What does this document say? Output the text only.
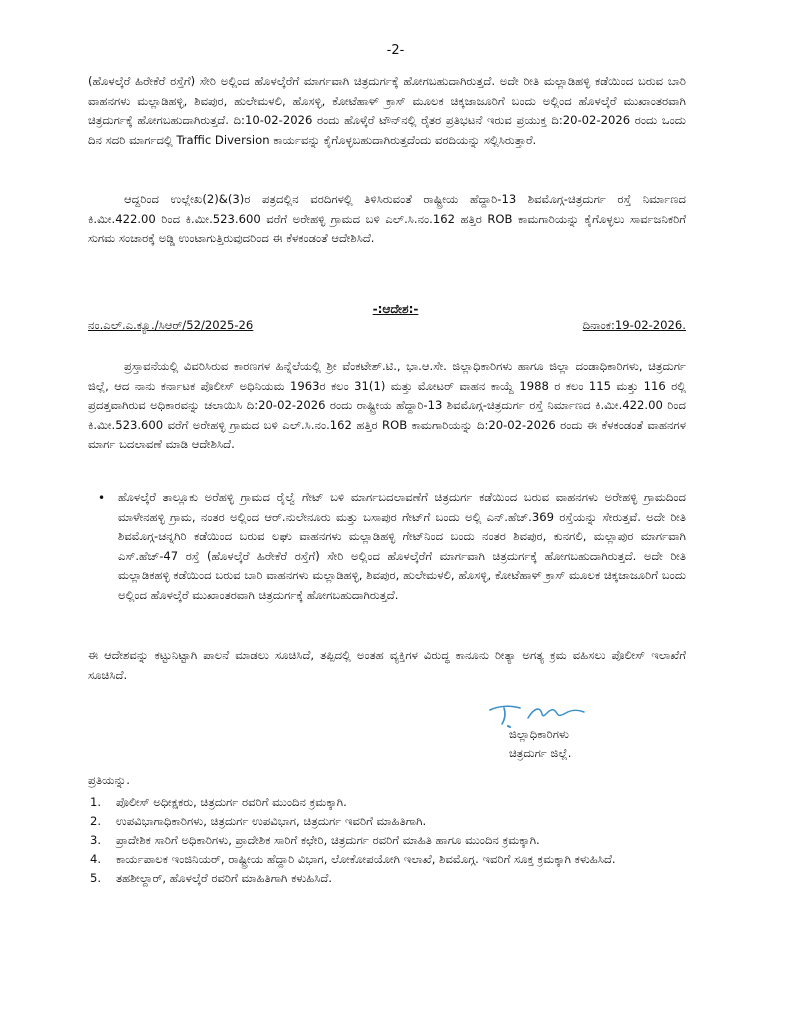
-2-

(ಹೊಳಲ್ಕೆರೆ ಹಿರೇಕೆರೆ ರಸ್ತೆಗೆ) ಸೇರಿ ಅಲ್ಲಿಂದ ಹೊಳಲ್ಕೆರೆಗೆ ಮಾರ್ಗವಾಗಿ ಚಿತ್ರದುರ್ಗಕ್ಕೆ ಹೋಗಬಹುದಾಗಿರುತ್ತದೆ. ಅದೇ ರೀತಿ ಮಲ್ಲಾಡಿಹಳ್ಳಿ ಕಡೆಯಿಂದ ಬರುವ ಬಾರಿ ವಾಹನಗಳು ಮಲ್ಲಾಡಿಹಳ್ಳಿ, ಶಿವಪುರ, ಹುಲೇಮಳಲಿ, ಹೊಸಳ್ಳಿ, ಕೋಟೆಹಾಳ್ ಕ್ರಾಸ್ ಮೂಲಕ ಚಿಕ್ಕಜಾಜೂರಿಗೆ ಬಂದು ಅಲ್ಲಿಂದ ಹೊಳಲ್ಕೆರೆ ಮುಖಾಂತರವಾಗಿ ಚಿತ್ರದುರ್ಗಕ್ಕೆ ಹೋಗಬಹುದಾಗಿರುತ್ತದೆ. ದಿ:10-02-2026 ರಂದು ಹೊಳ್ಕೆರೆ ಟೌನ್‌ನಲ್ಲಿ ರೈತರ ಪ್ರತಿಭಟನೆ ಇರುವ ಪ್ರಯುಕ್ತ ದಿ:20-02-2026 ರಂದು ಒಂದು ದಿನ ಸದರಿ ಮಾರ್ಗದಲ್ಲಿ Traffic Diversion ಕಾರ್ಯವನ್ನು ಕೈಗೊಳ್ಳಬಹುದಾಗಿರುತ್ತದೆಂದು ವರದಿಯನ್ನು ಸಲ್ಲಿಸಿರುತ್ತಾರೆ.

ಆದ್ದರಿಂದ ಉಲ್ಲೇಖ(2)&(3)ರ ಪತ್ರದಲ್ಲಿನ ವರದಿಗಳಲ್ಲಿ ತಿಳಿಸಿರುವಂತೆ ರಾಷ್ಟ್ರೀಯ ಹೆದ್ದಾರಿ-13 ಶಿವಮೊಗ್ಗ-ಚಿತ್ರದುರ್ಗ ರಸ್ತೆ ನಿರ್ಮಾಣದ ಕಿ.ಮೀ.422.00 ರಿಂದ ಕಿ.ಮೀ.523.600 ವರೆಗೆ ಅರೇಹಳ್ಳಿ ಗ್ರಾಮದ ಬಳಿ ಎಲ್.ಸಿ.ನಂ.162 ಹತ್ತಿರ ROB ಕಾಮಗಾರಿಯನ್ನು ಕೈಗೊಳ್ಳಲು ಸಾರ್ವಜನಿಕರಿಗೆ ಸುಗಮ ಸಂಚಾರಕ್ಕೆ ಅಡ್ಡಿ ಉಂಟಾಗುತ್ತಿರುವುದರಿಂದ ಈ ಕೆಳಕಂಡಂತೆ ಆದೇಶಿಸಿದೆ.

-:ಆದೇಶ:-
ನಂ.ಎಲ್.ಎ.ಕ್ಯೂ./ಸಿಆರ್/52/2025-26	ದಿನಾಂಕ:19-02-2026.

ಪ್ರಸ್ತಾವನೆಯಲ್ಲಿ ವಿವರಿಸಿರುವ ಕಾರಣಗಳ ಹಿನ್ನೆಲೆಯಲ್ಲಿ ಶ್ರೀ ವೆಂಕಟೇಶ್.ಟಿ., ಭಾ.ಆ.ಸೇ. ಜಿಲ್ಲಾಧಿಕಾರಿಗಳು ಹಾಗೂ ಜಿಲ್ಲಾ ದಂಡಾಧಿಕಾರಿಗಳು, ಚಿತ್ರದುರ್ಗ ಜಿಲ್ಲೆ, ಆದ ನಾನು ಕರ್ನಾಟಕ ಪೊಲೀಸ್ ಅಧಿನಿಯಮ 1963ರ ಕಲಂ 31(1) ಮತ್ತು ಮೋಟರ್ ವಾಹನ ಕಾಯ್ದೆ 1988 ರ ಕಲಂ 115 ಮತ್ತು 116 ರಲ್ಲಿ ಪ್ರದತ್ತವಾಗಿರುವ ಅಧಿಕಾರವನ್ನು ಚಲಾಯಿಸಿ ದಿ:20-02-2026 ರಂದು ರಾಷ್ಟ್ರೀಯ ಹೆದ್ದಾರಿ-13 ಶಿವಮೊಗ್ಗ-ಚಿತ್ರದುರ್ಗ ರಸ್ತೆ ನಿರ್ಮಾಣದ ಕಿ.ಮೀ.422.00 ರಿಂದ ಕಿ.ಮೀ.523.600 ವರೆಗೆ ಅರೇಹಳ್ಳಿ ಗ್ರಾಮದ ಬಳಿ ಎಲ್.ಸಿ.ನಂ.162 ಹತ್ತಿರ ROB ಕಾಮಗಾರಿಯನ್ನು ದಿ:20-02-2026 ರಂದು ಈ ಕೆಳಕಂಡಂತೆ ವಾಹನಗಳ ಮಾರ್ಗ ಬದಲಾವಣೆ ಮಾಡಿ ಆದೇಶಿಸಿದೆ.

• ಹೊಳಲ್ಕೆರೆ ತಾಲ್ಲೂಕು ಅರೆಹಳ್ಳಿ ಗ್ರಾಮದ ರೈಲ್ವೆ ಗೇಟ್ ಬಳಿ ಮಾರ್ಗಬದಲಾವಣೆಗೆ ಚಿತ್ರದುರ್ಗ ಕಡೆಯಿಂದ ಬರುವ ವಾಹನಗಳು ಅರೇಹಳ್ಳಿ ಗ್ರಾಮದಿಂದ ಮಾಳೇನಹಳ್ಳಿ ಗ್ರಾಮ, ನಂತರ ಅಲ್ಲಿಂದ ಆರ್.ನುಲೇನೂರು ಮತ್ತು ಬಸಾಪುರ ಗೇಟ್‌ಗೆ ಬಂದು ಅಲ್ಲಿ ಎನ್.ಹೆಚ್.369 ರಸ್ತೆಯನ್ನು ಸೇರುತ್ತವೆ. ಅದೇ ರೀತಿ ಶಿವಮೊಗ್ಗ-ಚನ್ನಗಿರಿ ಕಡೆಯಿಂದ ಬರುವ ಲಘು ವಾಹನಗಳು ಮಲ್ಲಾಡಿಹಳ್ಳಿ ಗೇಟ್‌ನಿಂದ ಬಂದು ನಂತರ ಶಿವಪುರ, ಕುನಗಲಿ, ಮಲ್ಲಾಪುರ ಮಾರ್ಗವಾಗಿ ಎಸ್.ಹೆಚ್-47 ರಸ್ತೆ (ಹೊಳಲ್ಕೆರೆ ಹಿರೇಕೆರೆ ರಸ್ತೆಗೆ) ಸೇರಿ ಅಲ್ಲಿಂದ ಹೊಳಲ್ಕೆರೆಗೆ ಮಾರ್ಗವಾಗಿ ಚಿತ್ರದುರ್ಗಕ್ಕೆ ಹೋಗಬಹುದಾಗಿರುತ್ತದೆ. ಅದೇ ರೀತಿ ಮಲ್ಲಾಡಿಕಹಳ್ಳಿ ಕಡೆಯಿಂದ ಬರುವ ಬಾರಿ ವಾಹನಗಳು ಮಲ್ಲಾಡಿಹಳ್ಳಿ, ಶಿವಪುರ, ಹುಲೇಮಳಲಿ, ಹೊಸಳ್ಳಿ, ಕೋಟೆಹಾಳ್ ಕ್ರಾಸ್ ಮೂಲಕ ಚಿಕ್ಕಜಾಜೂರಿಗೆ ಬಂದು ಅಲ್ಲಿಂದ ಹೊಳಲ್ಕೆರೆ ಮುಖಾಂತರವಾಗಿ ಚಿತ್ರದುರ್ಗಕ್ಕೆ ಹೋಗಬಹುದಾಗಿರುತ್ತದೆ.

ಈ ಆದೇಶವನ್ನು ಕಟ್ಟುನಿಟ್ಟಾಗಿ ಪಾಲನೆ ಮಾಡಲು ಸೂಚಿಸಿದೆ, ತಪ್ಪಿದಲ್ಲಿ ಅಂತಹ ವ್ಯಕ್ತಿಗಳ ವಿರುದ್ಧ ಕಾನೂನು ರೀತ್ಯಾ ಅಗತ್ಯ ಕ್ರಮ ವಹಿಸಲು ಪೊಲೀಸ್ ಇಲಾಖೆಗೆ ಸೂಚಿಸಿದೆ.

ಜಿಲ್ಲಾಧಿಕಾರಿಗಳು
ಚಿತ್ರದುರ್ಗ ಜಿಲ್ಲೆ.
ಪ್ರತಿಯನ್ನು.
1.	ಪೊಲೀಸ್ ಅಧೀಕ್ಷಕರು, ಚಿತ್ರದುರ್ಗ ರವರಿಗೆ ಮುಂದಿನ ಕ್ರಮಕ್ಕಾಗಿ.
2.	ಉಪವಿಭಾಗಾಧಿಕಾರಿಗಳು, ಚಿತ್ರದುರ್ಗ ಉಪವಿಭಾಗ, ಚಿತ್ರದುರ್ಗ ಇವರಿಗೆ ಮಾಹಿತಿಗಾಗಿ.
3.	ಪ್ರಾದೇಶಿಕ ಸಾರಿಗೆ ಅಧಿಕಾರಿಗಳು, ಪ್ರಾದೇಶಿಕ ಸಾರಿಗೆ ಕಛೇರಿ, ಚಿತ್ರದುರ್ಗ ರವರಿಗೆ ಮಾಹಿತಿ ಹಾಗೂ ಮುಂದಿನ ಕ್ರಮಕ್ಕಾಗಿ.
4.	ಕಾರ್ಯಪಾಲಕ ಇಂಜಿನಿಯರ್, ರಾಷ್ಟ್ರೀಯ ಹೆದ್ದಾರಿ ವಿಭಾಗ, ಲೋಕೋಪಯೋಗಿ ಇಲಾಖೆ, ಶಿವಮೊಗ್ಗ. ಇವರಿಗೆ ಸೂಕ್ತ ಕ್ರಮಕ್ಕಾಗಿ ಕಳುಹಿಸಿದೆ.
5.	ತಹಶೀಲ್ದಾರ್, ಹೊಳಲ್ಕೆರೆ ರವರಿಗೆ ಮಾಹಿತಿಗಾಗಿ ಕಳುಹಿಸಿದೆ.
